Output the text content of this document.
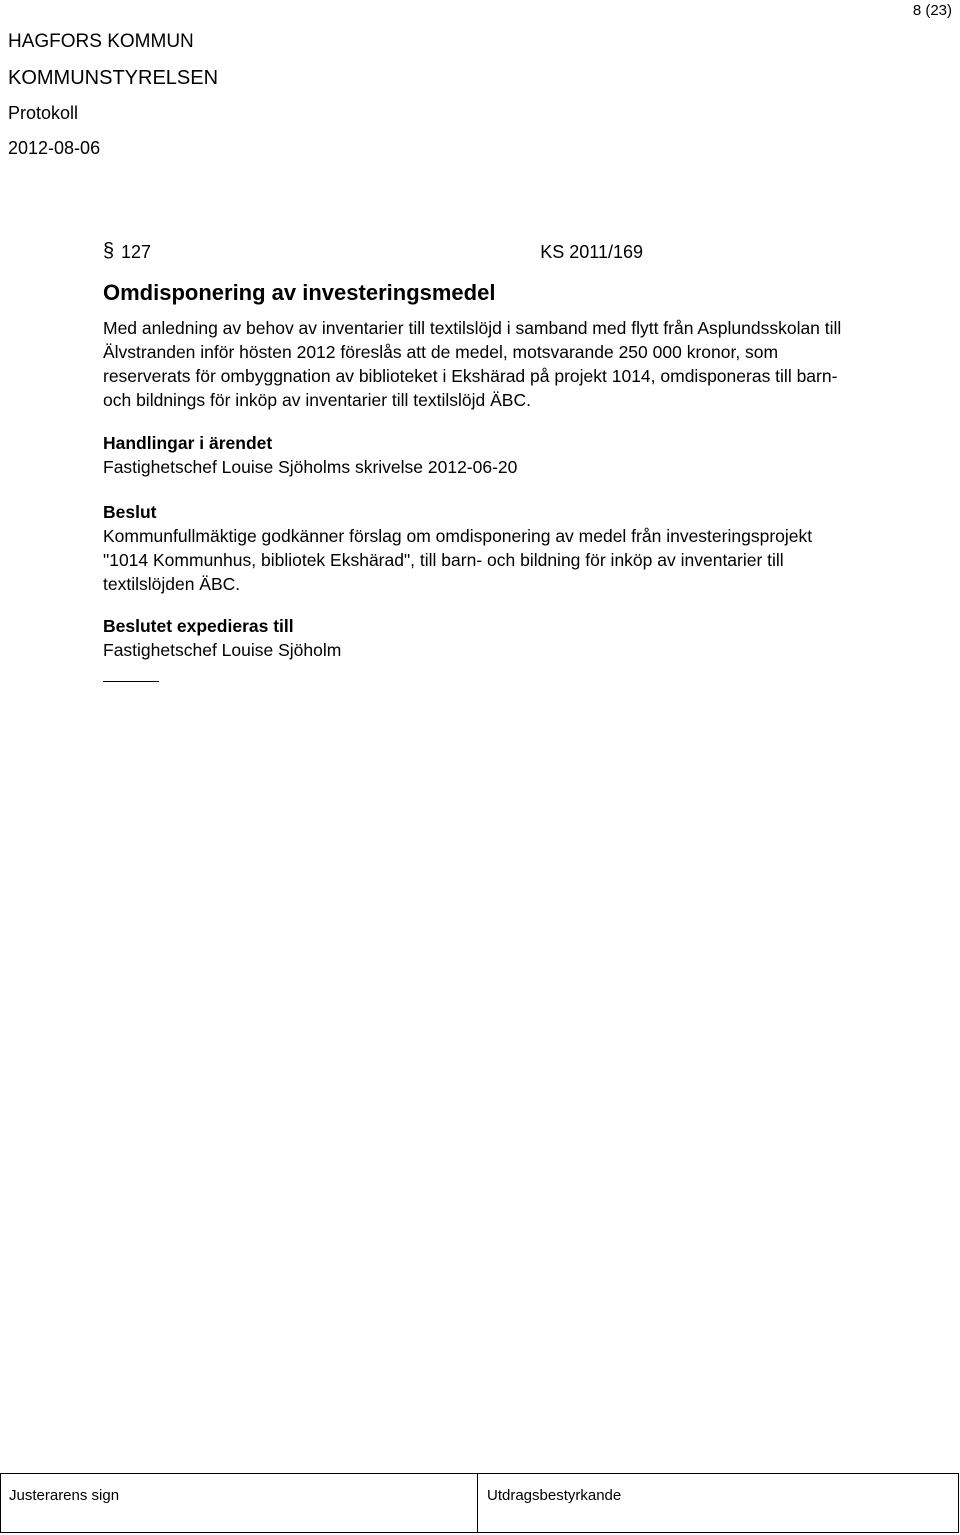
8 (23)
HAGFORS KOMMUN
KOMMUNSTYRELSEN
Protokoll
2012-08-06
§ 127	KS 2011/169
Omdisponering av investeringsmedel
Med anledning av behov av inventarier till textilslöjd i samband med flytt från Asplundsskolan till
Älvstranden inför hösten 2012 föreslås att de medel, motsvarande 250 000 kronor, som
reserverats för ombyggnation av biblioteket i Ekshärad på projekt 1014, omdisponeras till barn-
och bildnings för inköp av inventarier till textilslöjd ÄBC.
Handlingar i ärendet
Fastighetschef Louise Sjöholms skrivelse 2012-06-20
Beslut
Kommunfullmäktige godkänner förslag om omdisponering av medel från investeringsprojekt
"1014 Kommunhus, bibliotek Ekshärad", till barn- och bildning för inköp av inventarier till
textilslöjden ÄBC.
Beslutet expedieras till
Fastighetschef Louise Sjöholm
Justerarens sign	Utdragsbestyrkande
